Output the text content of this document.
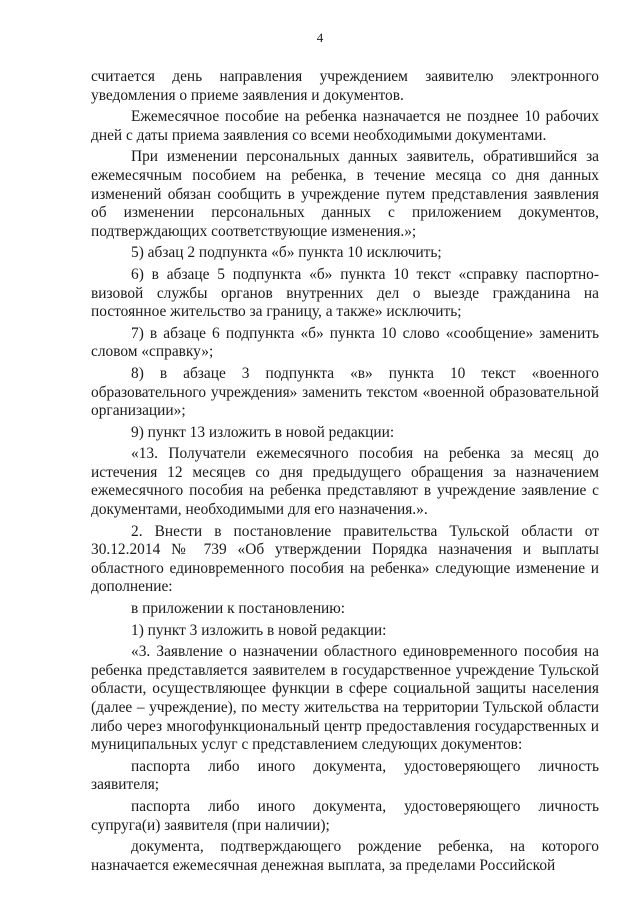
4

считается день направления учреждением заявителю электронного уведомления о приеме заявления и документов.

Ежемесячное пособие на ребенка назначается не позднее 10 рабочих дней с даты приема заявления со всеми необходимыми документами.

При изменении персональных данных заявитель, обратившийся за ежемесячным пособием на ребенка, в течение месяца со дня данных изменений обязан сообщить в учреждение путем представления заявления об изменении персональных данных с приложением документов, подтверждающих соответствующие изменения.»;

5) абзац 2 подпункта «б» пункта 10 исключить;

6) в абзаце 5 подпункта «б» пункта 10 текст «справку паспортно-визовой службы органов внутренних дел о выезде гражданина на постоянное жительство за границу, а также» исключить;

7) в абзаце 6 подпункта «б» пункта 10 слово «сообщение» заменить словом «справку»;

8) в абзаце 3 подпункта «в» пункта 10 текст «военного образовательного учреждения» заменить текстом «военной образовательной организации»;

9) пункт 13 изложить в новой редакции:

«13. Получатели ежемесячного пособия на ребенка за месяц до истечения 12 месяцев со дня предыдущего обращения за назначением ежемесячного пособия на ребенка представляют в учреждение заявление с документами, необходимыми для его назначения.».

2. Внести в постановление правительства Тульской области от 30.12.2014 № 739 «Об утверждении Порядка назначения и выплаты областного единовременного пособия на ребенка» следующие изменение и дополнение:

в приложении к постановлению:

1) пункт 3 изложить в новой редакции:

«3. Заявление о назначении областного единовременного пособия на ребенка представляется заявителем в государственное учреждение Тульской области, осуществляющее функции в сфере социальной защиты населения (далее – учреждение), по месту жительства на территории Тульской области либо через многофункциональный центр предоставления государственных и муниципальных услуг с представлением следующих документов:

паспорта либо иного документа, удостоверяющего личность заявителя;

паспорта либо иного документа, удостоверяющего личность супруга(и) заявителя (при наличии);

документа, подтверждающего рождение ребенка, на которого назначается ежемесячная денежная выплата, за пределами Российской
